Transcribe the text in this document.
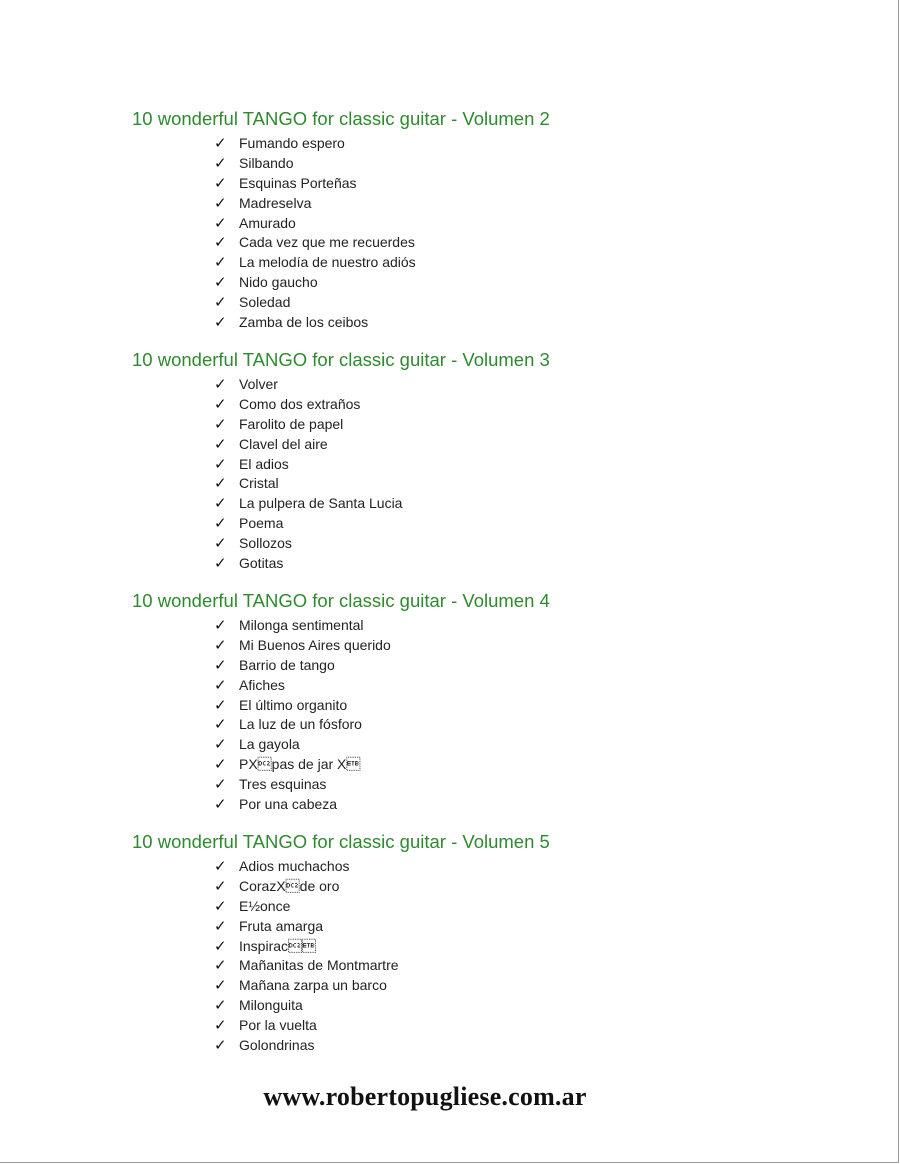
10 wonderful TANGO for classic guitar - Volumen 2
✓ Fumando espero
✓ Silbando
✓ Esquinas Porteñas
✓ Madreselva
✓ Amurado
✓ Cada vez que me recuerdes
✓ La melodía de nuestro adiós
✓ Nido gaucho
✓ Soledad
✓ Zamba de los ceibos
10 wonderful TANGO for classic guitar - Volumen 3
✓ Volver
✓ Como dos extraños
✓ Farolito de papel
✓ Clavel del aire
✓ El adios
✓ Cristal
✓ La pulpera de Santa Lucia
✓ Poema
✓ Sollozos
✓ Gotitas
10 wonderful TANGO for classic guitar - Volumen 4
✓ Milonga sentimental
✓ Mi Buenos Aires querido
✓ Barrio de tango
✓ Afiches
✓ El último organito
✓ La luz de un fósforo
✓ La gayola
✓ PXpas de jar X
✓ Tres esquinas
✓ Por una cabeza
10 wonderful TANGO for classic guitar - Volumen 5
✓ Adios muchachos
✓ CorazXde oro
✓ E½once
✓ Fruta amarga
✓ Inspirac
✓ Mañanitas de Montmartre
✓ Mañana zarpa un barco
✓ Milonguita
✓ Por la vuelta
✓ Golondrinas
www.robertopugliese.com.ar
